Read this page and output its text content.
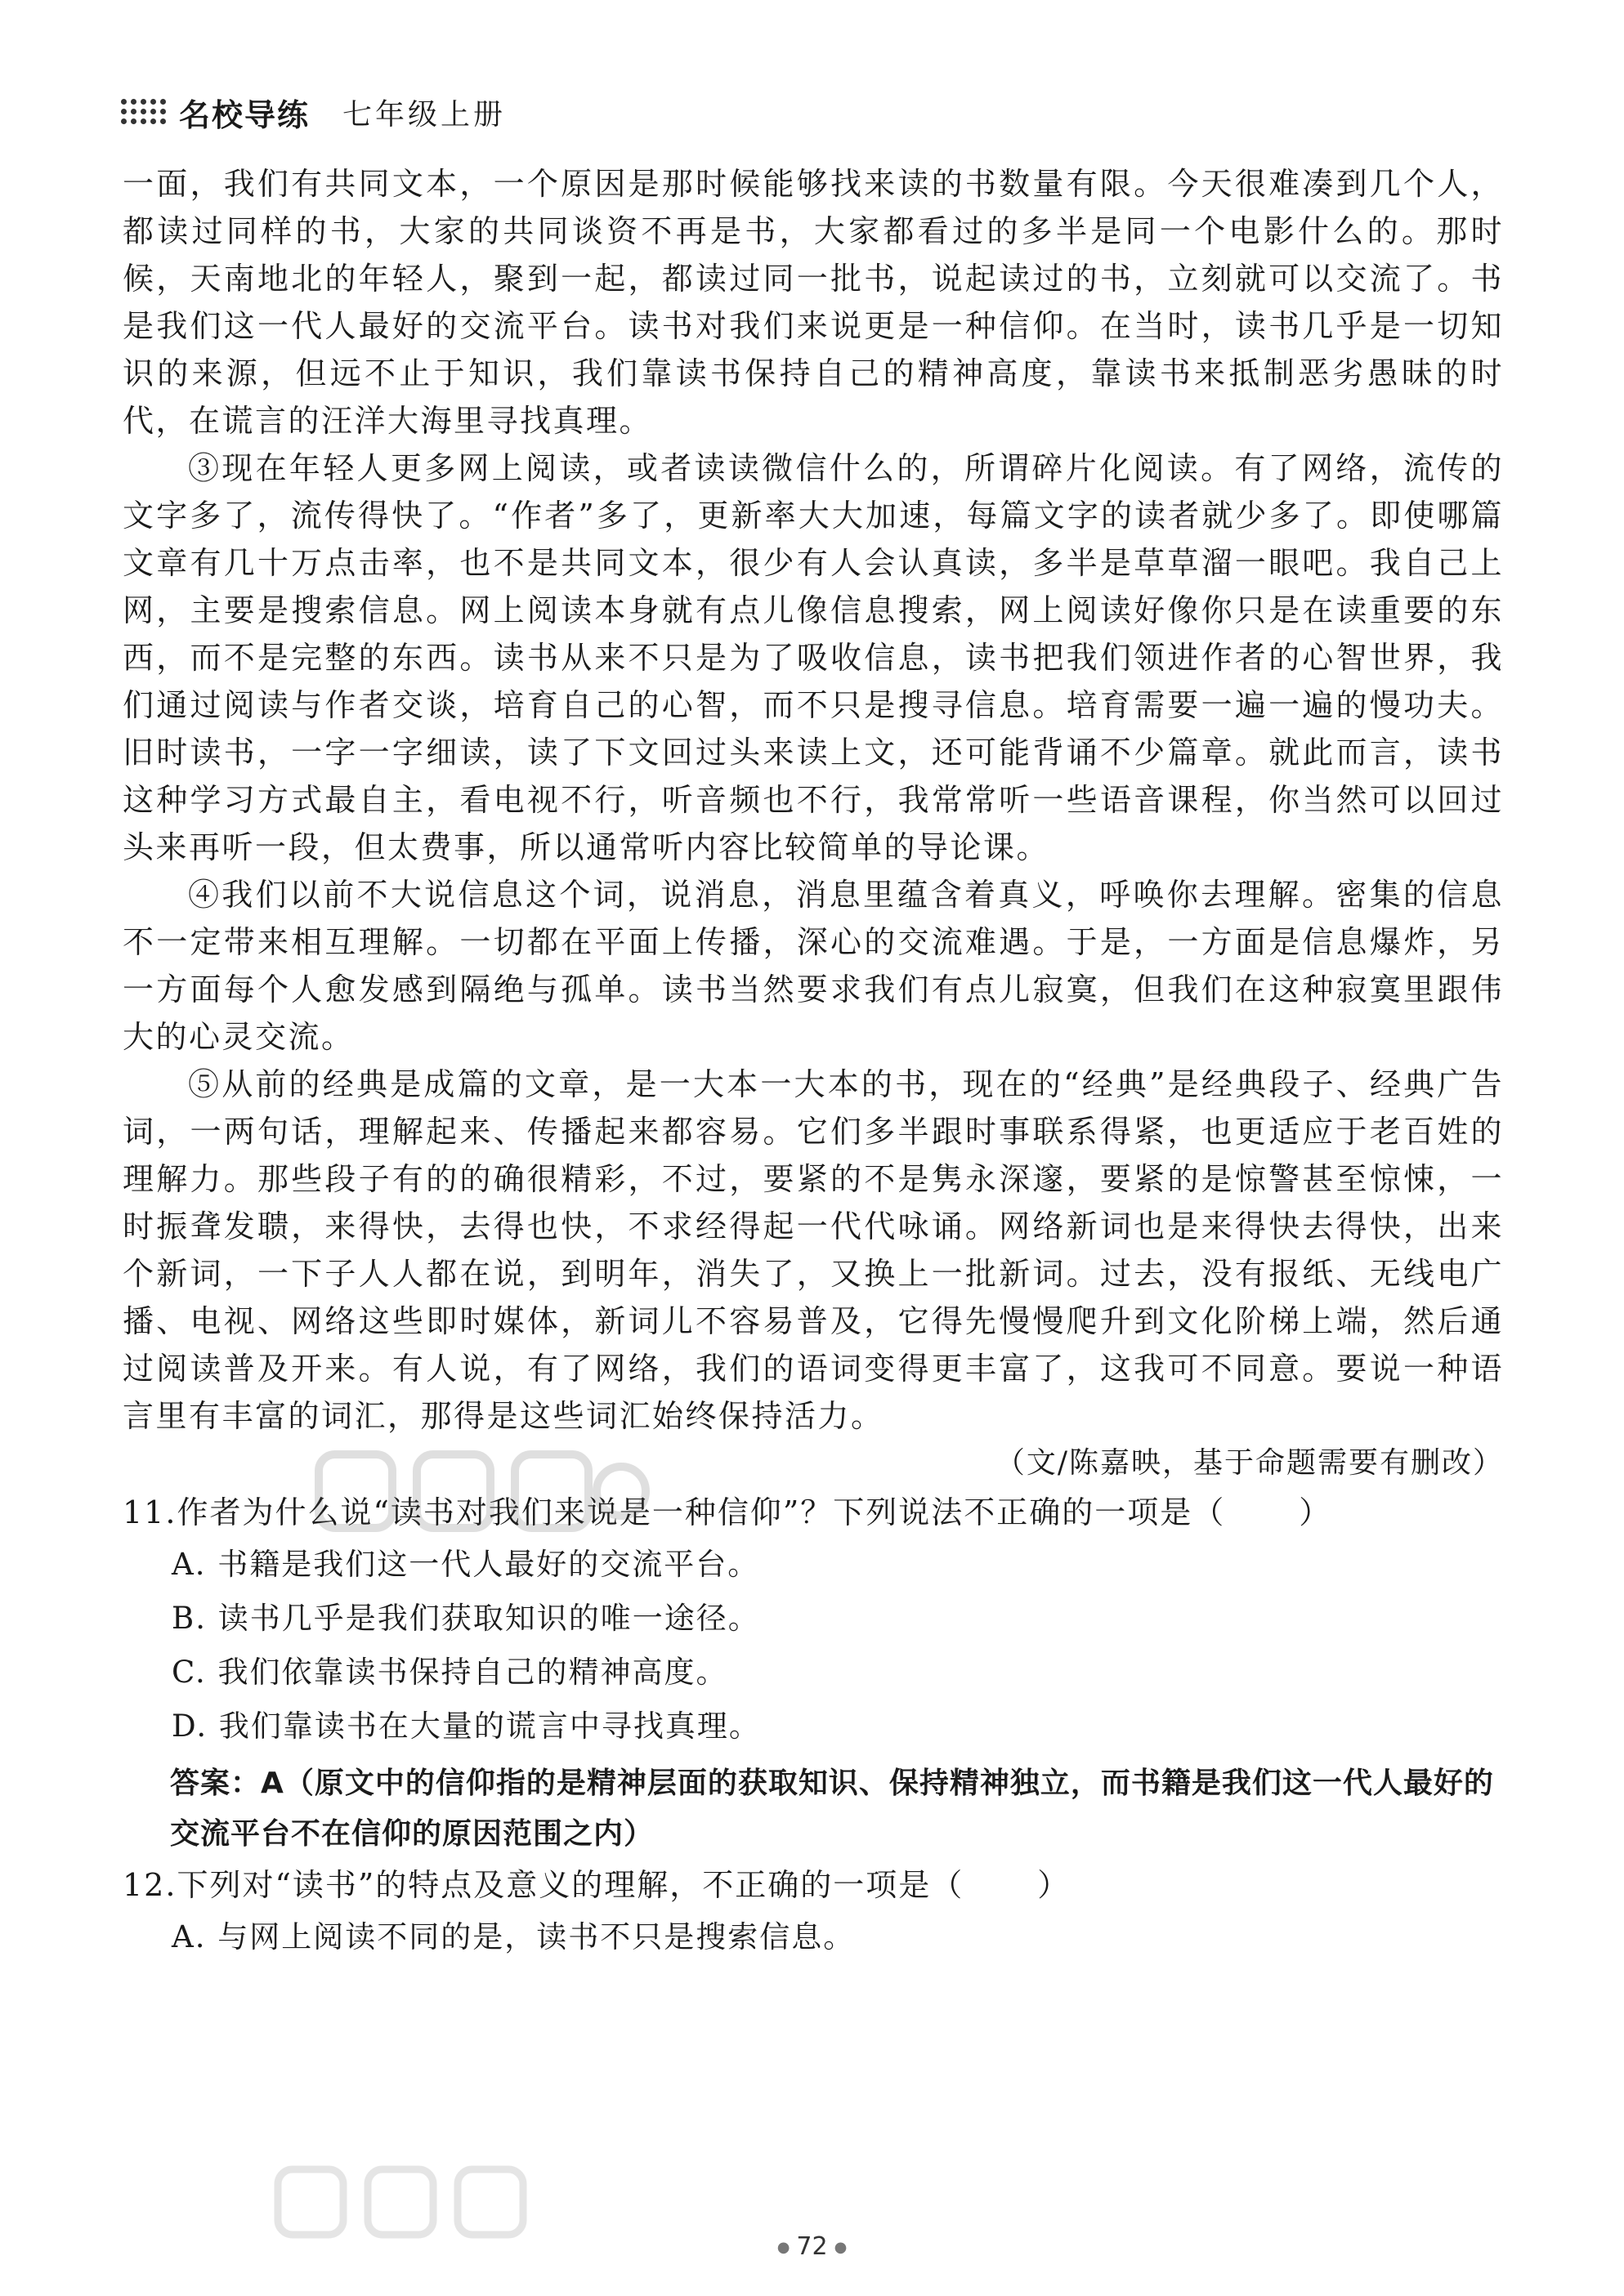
名校导练 七年级上册

一面，我们有共同文本，一个原因是那时候能够找来读的书数量有限。今天很难凑到几个人，都读过同样的书，大家的共同谈资不再是书，大家都看过的多半是同一个电影什么的。那时候，天南地北的年轻人，聚到一起，都读过同一批书，说起读过的书，立刻就可以交流了。书是我们这一代人最好的交流平台。读书对我们来说更是一种信仰。在当时，读书几乎是一切知识的来源，但远不止于知识，我们靠读书保持自己的精神高度，靠读书来抵制恶劣愚昧的时代，在谎言的汪洋大海里寻找真理。

③现在年轻人更多网上阅读，或者读读微信什么的，所谓碎片化阅读。有了网络，流传的文字多了，流传得快了。“作者”多了，更新率大大加速，每篇文字的读者就少多了。即使哪篇文章有几十万点击率，也不是共同文本，很少有人会认真读，多半是草草溜一眼吧。我自己上网，主要是搜索信息。网上阅读本身就有点儿像信息搜索，网上阅读好像你只是在读重要的东西，而不是完整的东西。读书从来不只是为了吸收信息，读书把我们领进作者的心智世界，我们通过阅读与作者交谈，培育自己的心智，而不只是搜寻信息。培育需要一遍一遍的慢功夫。旧时读书，一字一字细读，读了下文回过头来读上文，还可能背诵不少篇章。就此而言，读书这种学习方式最自主，看电视不行，听音频也不行，我常常听一些语音课程，你当然可以回过头来再听一段，但太费事，所以通常听内容比较简单的导论课。

④我们以前不大说信息这个词，说消息，消息里蕴含着真义，呼唤你去理解。密集的信息不一定带来相互理解。一切都在平面上传播，深心的交流难遇。于是，一方面是信息爆炸，另一方面每个人愈发感到隔绝与孤单。读书当然要求我们有点儿寂寞，但我们在这种寂寞里跟伟大的心灵交流。

⑤从前的经典是成篇的文章，是一大本一大本的书，现在的“经典”是经典段子、经典广告词，一两句话，理解起来、传播起来都容易。它们多半跟时事联系得紧，也更适应于老百姓的理解力。那些段子有的的确很精彩，不过，要紧的不是隽永深邃，要紧的是惊警甚至惊悚，一时振聋发聩，来得快，去得也快，不求经得起一代代咏诵。网络新词也是来得快去得快，出来个新词，一下子人人都在说，到明年，消失了，又换上一批新词。过去，没有报纸、无线电广播、电视、网络这些即时媒体，新词儿不容易普及，它得先慢慢爬升到文化阶梯上端，然后通过阅读普及开来。有人说，有了网络，我们的语词变得更丰富了，这我可不同意。要说一种语言里有丰富的词汇，那得是这些词汇始终保持活力。

（文/陈嘉映，基于命题需要有删改）
11.作者为什么说“读书对我们来说是一种信仰”？下列说法不正确的一项是（ ）
A. 书籍是我们这一代人最好的交流平台。
B. 读书几乎是我们获取知识的唯一途径。
C. 我们依靠读书保持自己的精神高度。
D. 我们靠读书在大量的谎言中寻找真理。
答案：A（原文中的信仰指的是精神层面的获取知识、保持精神独立，而书籍是我们这一代人最好的交流平台不在信仰的原因范围之内）
12.下列对“读书”的特点及意义的理解，不正确的一项是（ ）
A. 与网上阅读不同的是，读书不只是搜索信息。
● 72 ●
